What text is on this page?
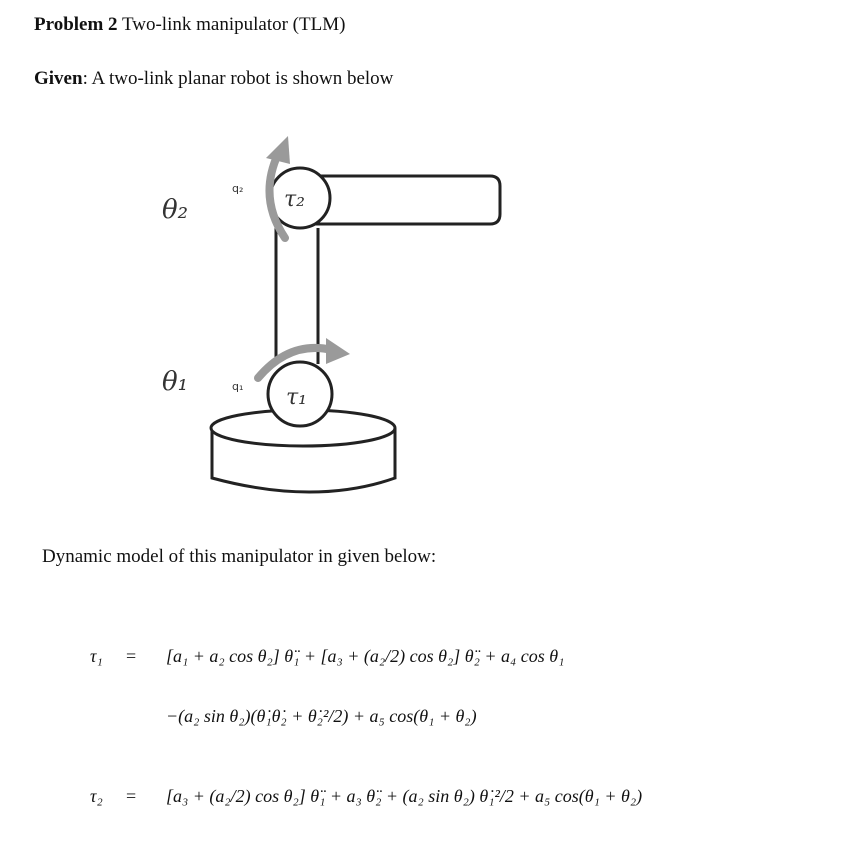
Problem 2 Two-link manipulator (TLM)
Given: A two-link planar robot is shown below
θ₂
q₂ τ₂
θ₁	q₁ τ₁
Dynamic model of this manipulator in given below:
τ₁ = [a₁ + a₂ cos θ₂] θ̈₁ + [a₃ + (a₂/2) cos θ₂] θ̈₂ + a₄ cos θ₁
−(a₂ sin θ₂)(θ̇₁θ̇₂ + θ̇₂²/2) + a₅ cos(θ₁ + θ₂)
τ₂ = [a₃ + (a₂/2) cos θ₂] θ̈₁ + a₃ θ̈₂ + (a₂ sin θ₂) θ̇₁²/2 + a₅ cos(θ₁ + θ₂)
